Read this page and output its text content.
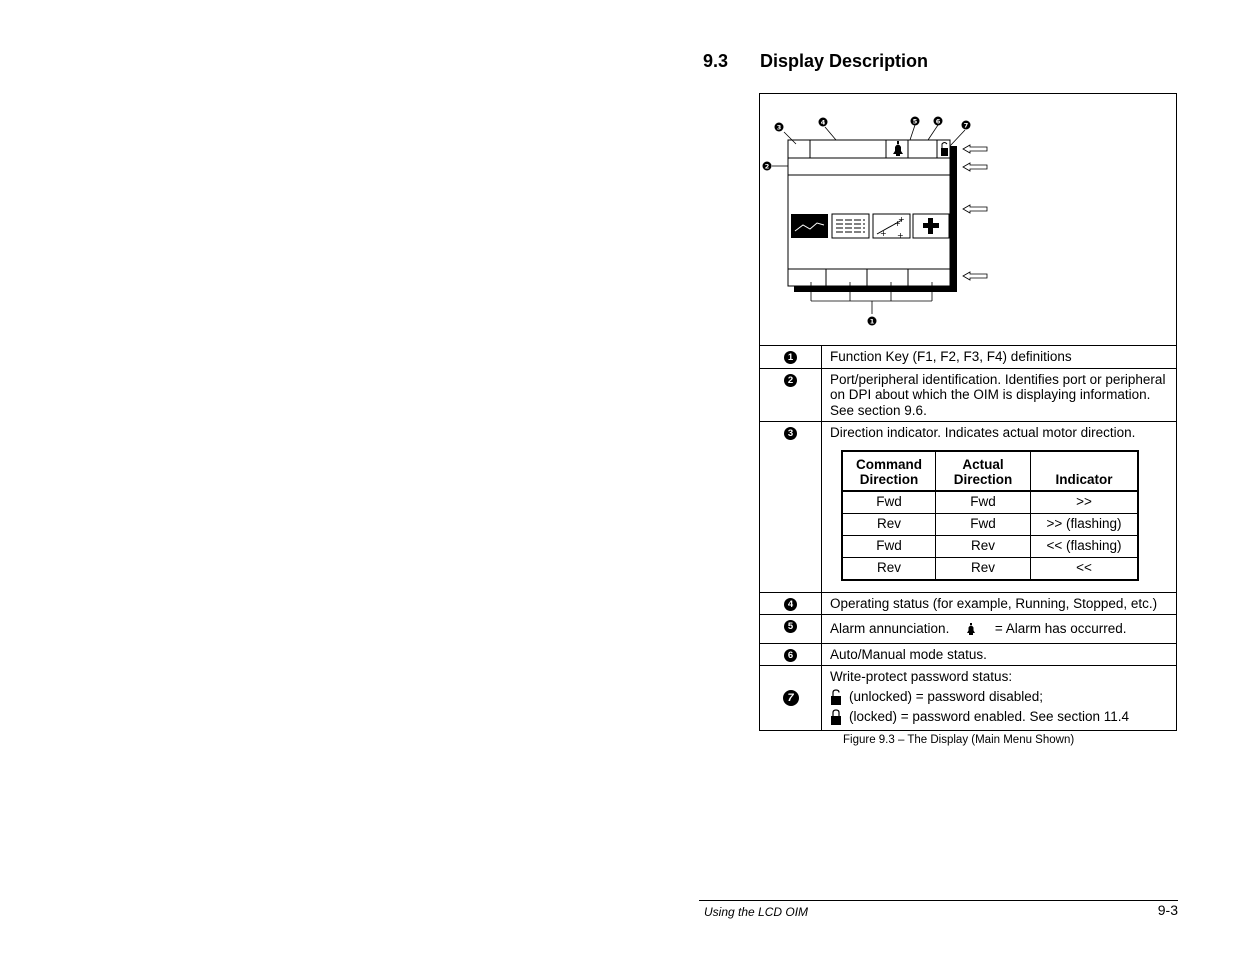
9.3	Display Description
+
+
+
+
3
4	5	6	7
2
1
1	Function Key (F1, F2, F3, F4) definitions
2	Port/peripheral identification. Identifies port or peripheral on DPI about which the OIM is displaying information. See section 9.6.
3	Direction indicator. Indicates actual motor direction.
Command Direction	Actual Direction	Indicator
Fwd	Fwd	>>
Rev	Fwd	>> (flashing)
Fwd	Rev	<< (flashing)
Rev	Rev	<<
4	Operating status (for example, Running, Stopped, etc.)
5	Alarm annunciation.	= Alarm has occurred.
6	Auto/Manual mode status.
7
Write-protect password status:
(unlocked) = password disabled;
(locked) = password enabled. See section 11.4
Figure 9.3 – The Display (Main Menu Shown)
Using the LCD OIM	9-3
